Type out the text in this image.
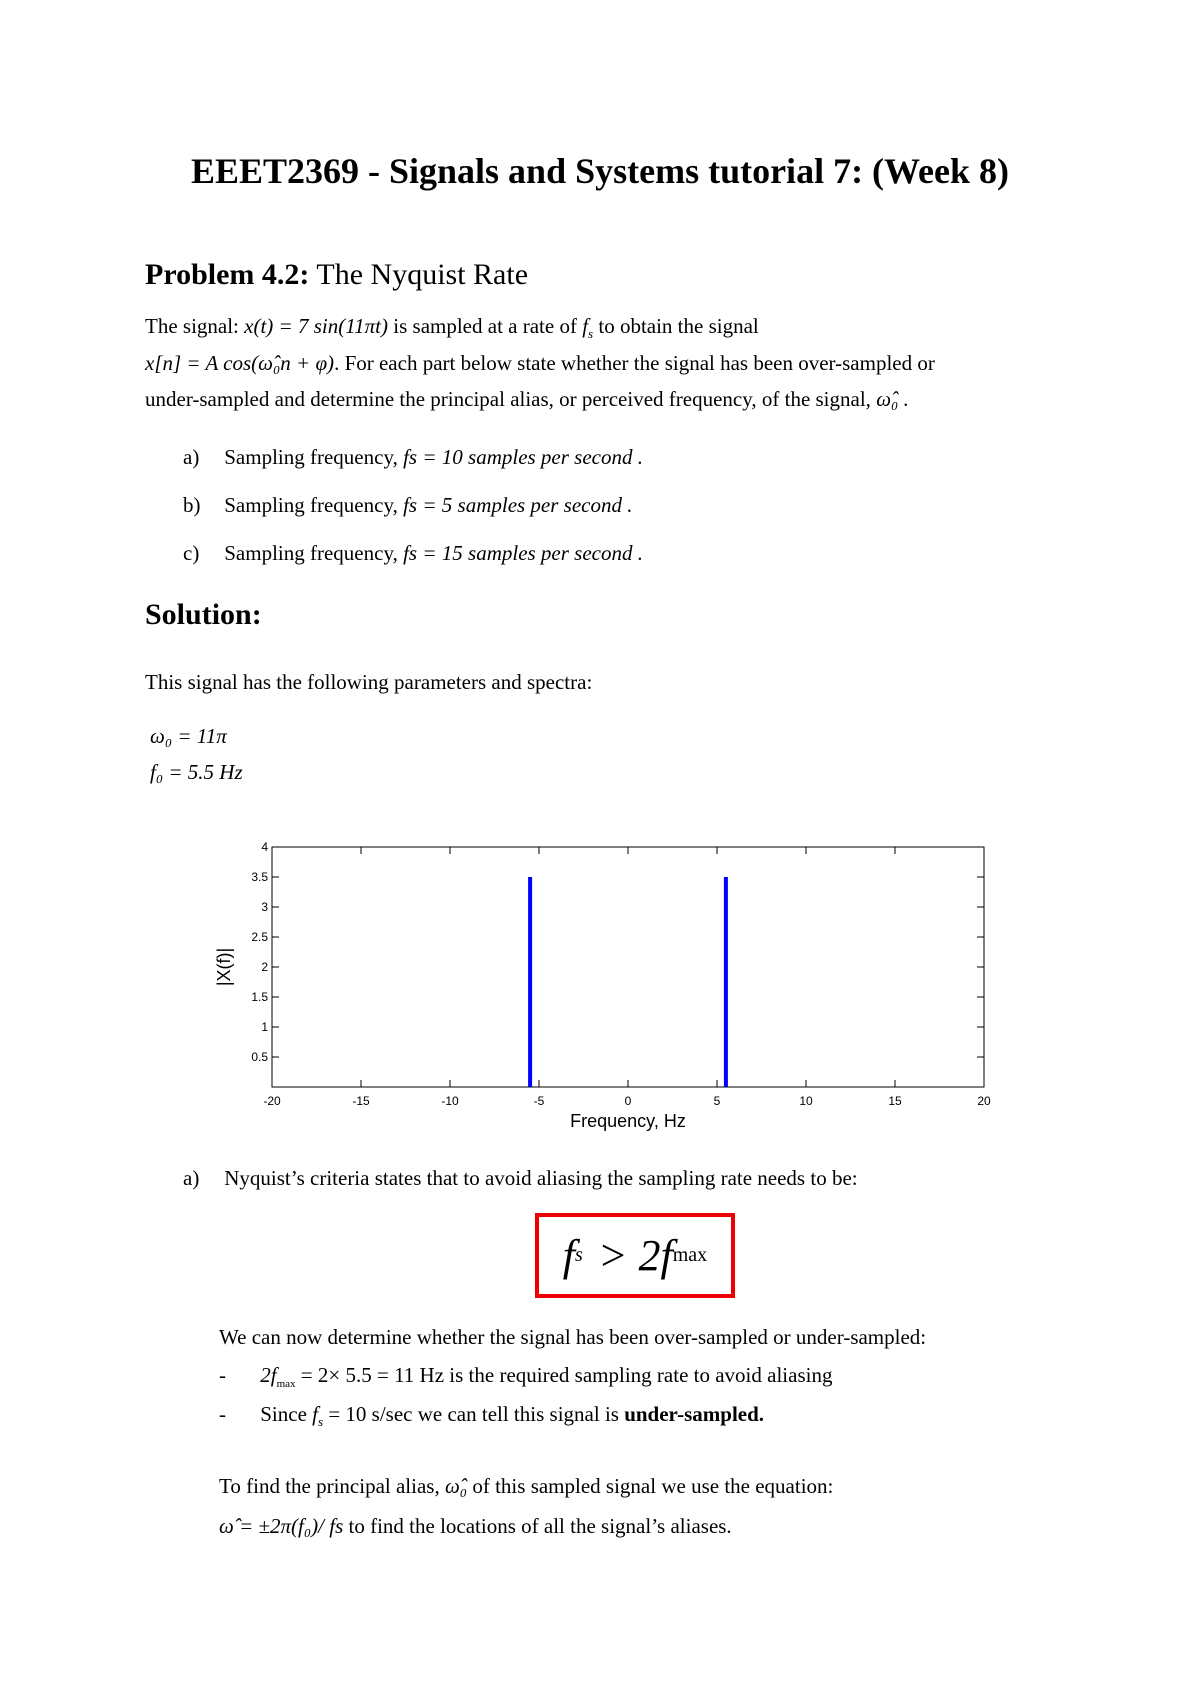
EEET2369 - Signals and Systems tutorial 7: (Week 8)
Problem 4.2: The Nyquist Rate
The signal: x(t) = 7 sin(11πt) is sampled at a rate of $f_s$ to obtain the signal
x[n] = A cos(ω̂₀n + φ). For each part below state whether the signal has been over-sampled or
under-sampled and determine the principal alias, or perceived frequency, of the signal, ω̂₀ .
a) Sampling frequency, fs = 10 samples per second .
b) Sampling frequency, fs = 5 samples per second .
c) Sampling frequency, fs = 15 samples per second .
Solution:
This signal has the following parameters and spectra:
ω₀ = 11π
f₀ = 5.5 Hz
-20	-15	-10	-5	0	5	10	15	20
0.5
1
1.5
2
2.5
3
3.5
4
Frequency, Hz
|X(f)|
a) Nyquist’s criteria states that to avoid aliasing the sampling rate needs to be:
f s > 2f max
We can now determine whether the signal has been over-sampled or under-sampled:
- $2f_{max} = 2\times 5.5 = 11$ Hz is the required sampling rate to avoid aliasing
- Since $f_s = 10$ s/sec we can tell this signal is under-sampled.
To find the principal alias, ω̂₀ of this sampled signal we use the equation:
ω̂ = ±2π(f₀)/ fs to find the locations of all the signal’s aliases.
